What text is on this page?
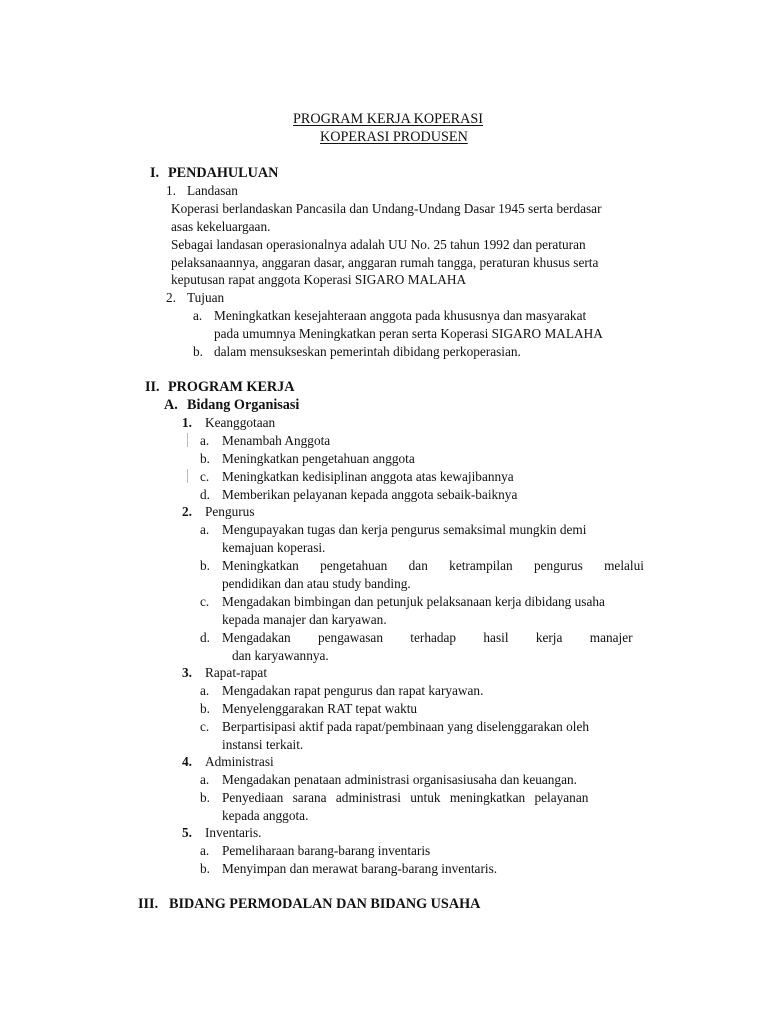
PROGRAM KERJA KOPERASI
KOPERASI PRODUSEN
I. PENDAHULUAN
1. Landasan
Koperasi berlandaskan Pancasila dan Undang-Undang Dasar 1945 serta berdasar
asas kekeluargaan.
Sebagai landasan operasionalnya adalah UU No. 25 tahun 1992 dan peraturan
pelaksanaannya, anggaran dasar, anggaran rumah tangga, peraturan khusus serta
keputusan rapat anggota Koperasi SIGARO MALAHA
2. Tujuan
a. Meningkatkan kesejahteraan anggota pada khususnya dan masyarakat
pada umumnya Meningkatkan peran serta Koperasi SIGARO MALAHA
b. dalam mensukseskan pemerintah dibidang perkoperasian.
II. PROGRAM KERJA
A. Bidang Organisasi
1. Keanggotaan
a. Menambah Anggota
b. Meningkatkan pengetahuan anggota
c. Meningkatkan kedisiplinan anggota atas kewajibannya
d. Memberikan pelayanan kepada anggota sebaik-baiknya
2. Pengurus
a. Mengupayakan tugas dan kerja pengurus semaksimal mungkin demi
kemajuan koperasi.
b. Meningkatkan pengetahuan dan ketrampilan pengurus melalui
pendidikan dan atau study banding.
c. Mengadakan bimbingan dan petunjuk pelaksanaan kerja dibidang usaha
kepada manajer dan karyawan.
d. Mengadakan pengawasan terhadap hasil kerja manajer
dan karyawannya.
3. Rapat-rapat
a. Mengadakan rapat pengurus dan rapat karyawan.
b. Menyelenggarakan RAT tepat waktu
c. Berpartisipasi aktif pada rapat/pembinaan yang diselenggarakan oleh
instansi terkait.
4. Administrasi
a. Mengadakan penataan administrasi organisasiusaha dan keuangan.
b. Penyediaan sarana administrasi untuk meningkatkan pelayanan
kepada anggota.
5. Inventaris.
a. Pemeliharaan barang-barang inventaris
b. Menyimpan dan merawat barang-barang inventaris.
III. BIDANG PERMODALAN DAN BIDANG USAHA
